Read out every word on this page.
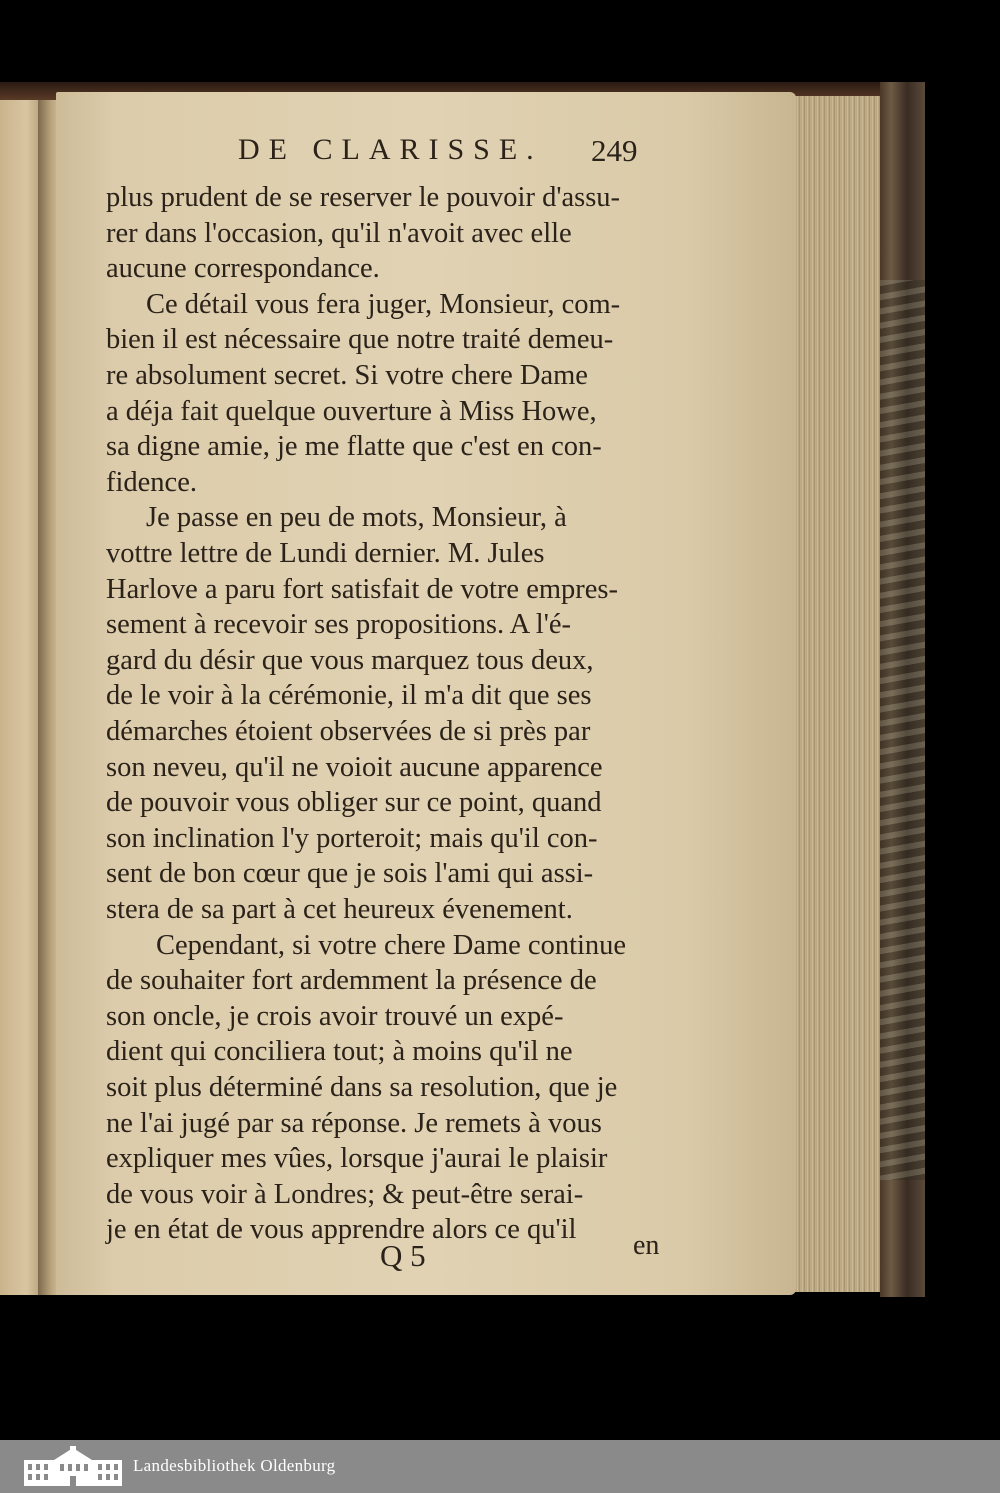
DE CLARISSE. 249
plus prudent de se reserver le pouvoir d'assu-
rer dans l'occasion, qu'il n'avoit avec elle
aucune correspondance.
Ce détail vous fera juger, Monsieur, com-
bien il est nécessaire que notre traité demeu-
re absolument secret. Si votre chere Dame
a déja fait quelque ouverture à Miss Howe,
sa digne amie, je me flatte que c'est en con-
fidence.
Je passe en peu de mots, Monsieur, à
vottre lettre de Lundi dernier. M. Jules
Harlove a paru fort satisfait de votre empres-
sement à recevoir ses propositions. A l'é-
gard du désir que vous marquez tous deux,
de le voir à la cérémonie, il m'a dit que ses
démarches étoient observées de si près par
son neveu, qu'il ne voioit aucune apparence
de pouvoir vous obliger sur ce point, quand
son inclination l'y porteroit; mais qu'il con-
sent de bon cœur que je sois l'ami qui assi-
stera de sa part à cet heureux évenement.
Cependant, si votre chere Dame continue
de souhaiter fort ardemment la présence de
son oncle, je crois avoir trouvé un expé-
dient qui conciliera tout; à moins qu'il ne
soit plus déterminé dans sa resolution, que je
ne l'ai jugé par sa réponse. Je remets à vous
expliquer mes vûes, lorsque j'aurai le plaisir
de vous voir à Londres; & peut-être serai-
je en état de vous apprendre alors ce qu'il
Q 5	en
Landesbibliothek Oldenburg
